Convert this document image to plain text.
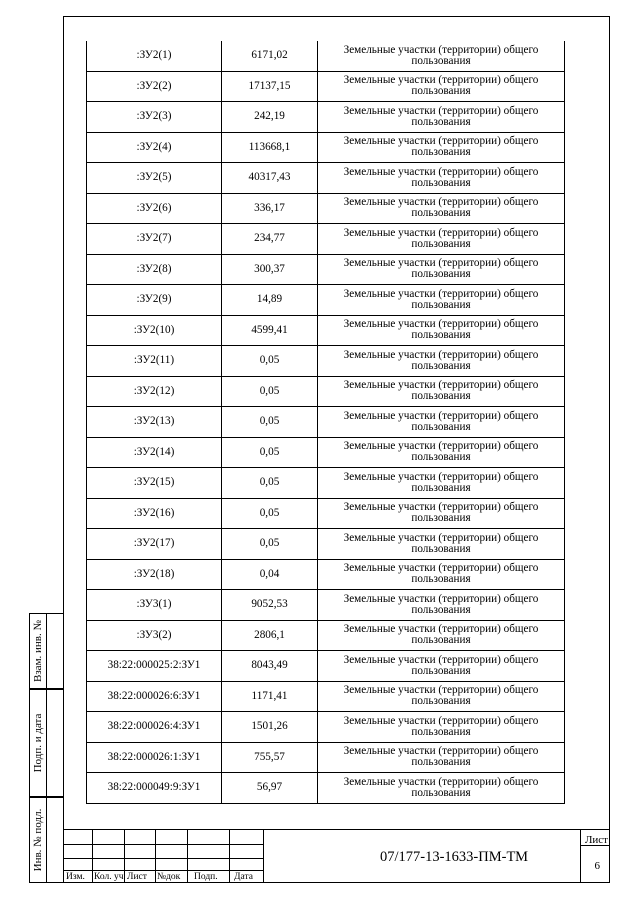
:ЗУ2(1)	6171,02	Земельные участки (территории) общего пользования
:ЗУ2(2)	17137,15	Земельные участки (территории) общего пользования
:ЗУ2(3)	242,19	Земельные участки (территории) общего пользования
:ЗУ2(4)	113668,1	Земельные участки (территории) общего пользования
:ЗУ2(5)	40317,43	Земельные участки (территории) общего пользования
:ЗУ2(6)	336,17	Земельные участки (территории) общего пользования
:ЗУ2(7)	234,77	Земельные участки (территории) общего пользования
:ЗУ2(8)	300,37	Земельные участки (территории) общего пользования
:ЗУ2(9)	14,89	Земельные участки (территории) общего пользования
:ЗУ2(10)	4599,41	Земельные участки (территории) общего пользования
:ЗУ2(11)	0,05	Земельные участки (территории) общего пользования
:ЗУ2(12)	0,05	Земельные участки (территории) общего пользования
:ЗУ2(13)	0,05	Земельные участки (территории) общего пользования
:ЗУ2(14)	0,05	Земельные участки (территории) общего пользования
:ЗУ2(15)	0,05	Земельные участки (территории) общего пользования
:ЗУ2(16)	0,05	Земельные участки (территории) общего пользования
:ЗУ2(17)	0,05	Земельные участки (территории) общего пользования
:ЗУ2(18)	0,04	Земельные участки (территории) общего пользования
:ЗУ3(1)	9052,53	Земельные участки (территории) общего пользования
:ЗУ3(2)	2806,1	Земельные участки (территории) общего пользования
38:22:000025:2:ЗУ1	8043,49	Земельные участки (территории) общего пользования
38:22:000026:6:ЗУ1	1171,41	Земельные участки (территории) общего пользования
38:22:000026:4:ЗУ1	1501,26	Земельные участки (территории) общего пользования
38:22:000026:1:ЗУ1	755,57	Земельные участки (территории) общего пользования
38:22:000049:9:ЗУ1	56,97	Земельные участки (территории) общего пользования
Взам. инв. №
Подп. и дата
Инв. № подл.
Изм. Кол. уч Лист №док Подп. Дата
07/177-13-1633-ПМ-ТМ
Лист
6
